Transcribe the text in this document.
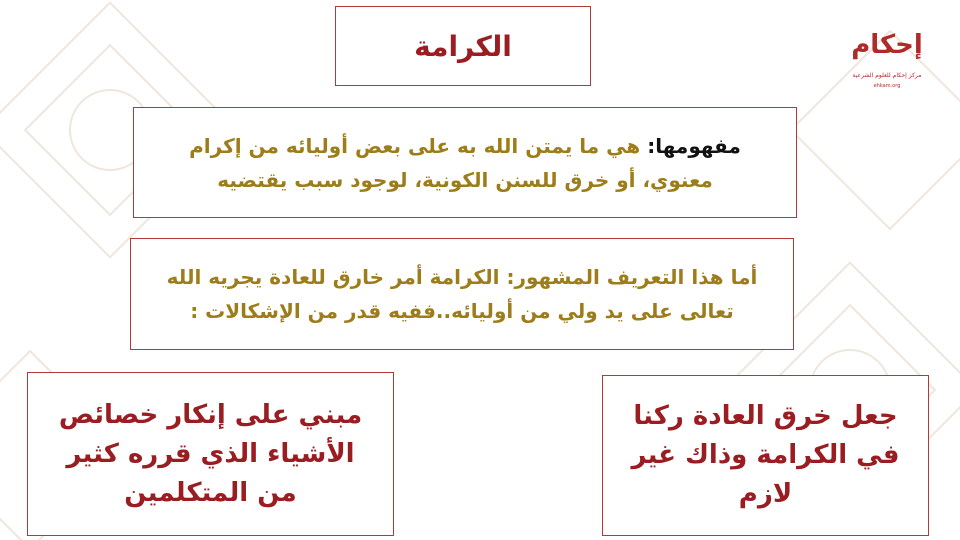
إحكام
مركز إحكام للعلوم الشرعية
ehkam.org
الكرامة

مفهومها: هي ما يمتن الله به على بعض أوليائه من إكرام معنوي، أو خرق للسنن الكونية، لوجود سبب يقتضيه

أما هذا التعريف المشهور: الكرامة أمر خارق للعادة يجريه الله تعالى على يد ولي من أوليائه..ففيه قدر من الإشكالات :

مبني على إنكار خصائص الأشياء الذي قرره كثير من المتكلمين

جعل خرق العادة ركنا في الكرامة وذاك غير لازم
